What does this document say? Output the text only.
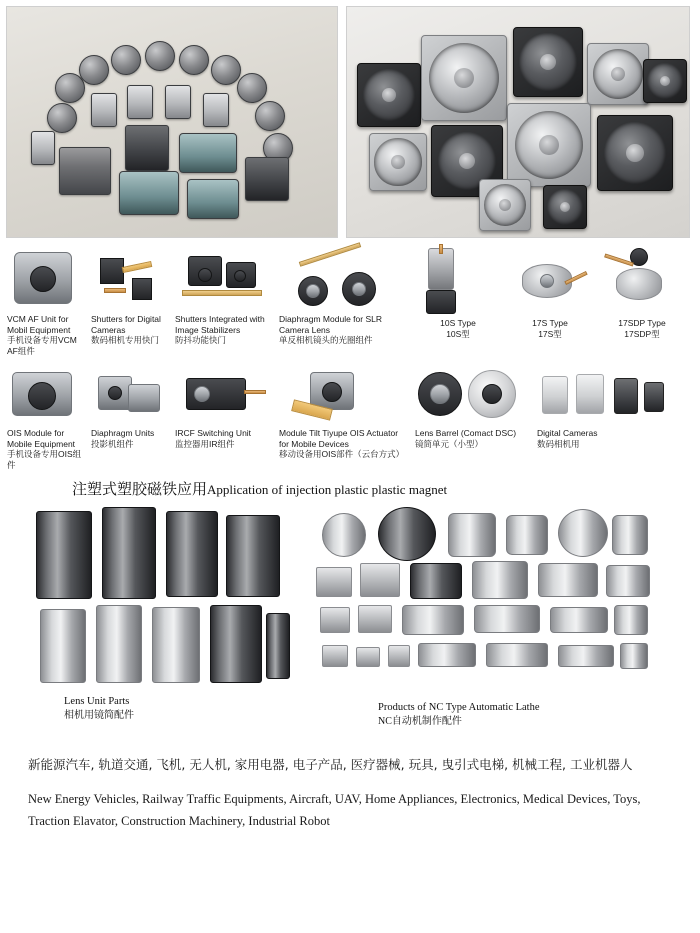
VCM AF Unit for Mobil Equipment
手机设备专用VCM AF组件
Shutters for Digital Cameras
数码相机专用快门
Shutters Integrated with Image Stabilizers
防抖功能快门
Diaphragm Module for SLR Camera Lens
单反相机镜头的光圈组件
10S Type
10S型
17S Type
17S型
17SDP Type
17SDP型
OIS Module for Mobile Equipment
手机设备专用OIS组件
Diaphragm Units
投影机组件
IRCF Switching Unit
监控器用IR组件
Module Tilt Tiyupe OIS Actuator for Mobile Devices
移动设备用OIS部件（云台方式）
Lens Barrel (Comact DSC)
镜简单元（小型）
Digital Cameras
数码相机用
注塑式塑胶磁铁应用Application of injection plastic plastic magnet
Lens Unit Parts
相机用镜简配件
Products of NC Type Automatic Lathe
NC自动机制作配件
新能源汽车, 轨道交通, 飞机, 无人机, 家用电器, 电子产品, 医疗器械, 玩具, 曳引式电梯, 机械工程, 工业机器人
New Energy Vehicles, Railway Traffic Equipments, Aircraft, UAV, Home Appliances, Electronics, Medical Devices, Toys, Traction Elavator, Construction Machinery, Industrial Robot
